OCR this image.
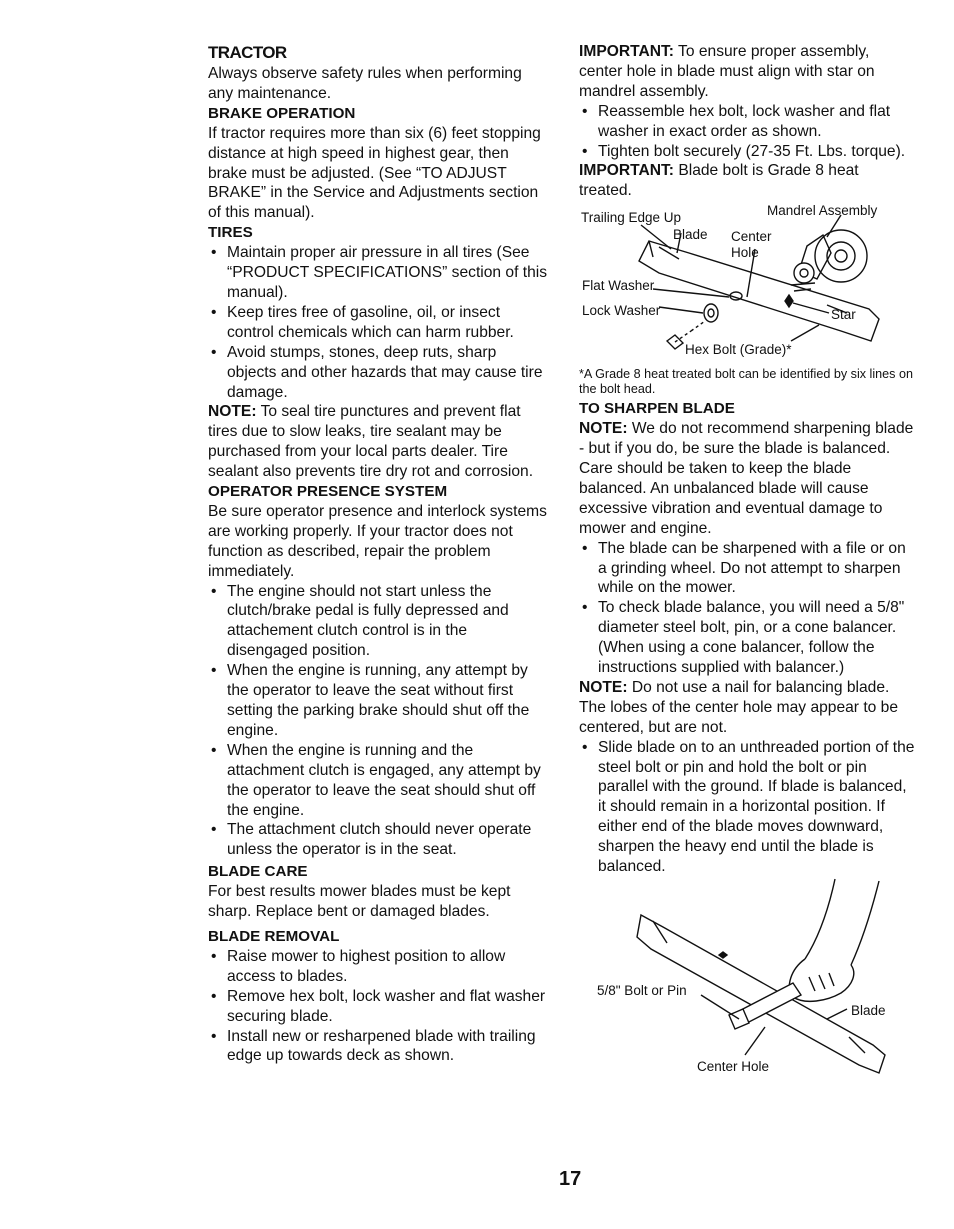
TRACTOR

Always observe safety rules when performing any maintenance.

BRAKE OPERATION

If tractor requires more than six (6) feet stopping distance at high speed in highest gear, then brake must be adjusted. (See “TO ADJUST BRAKE” in the Service and Adjustments section of this manual).

TIRES
• Maintain proper air pressure in all tires (See “PRODUCT SPECIFICATIONS” section of this manual).
• Keep tires free of gasoline, oil, or insect control chemicals which can harm rubber.
• Avoid stumps, stones, deep ruts, sharp objects and other hazards that may cause tire damage.

NOTE: To seal tire punctures and prevent flat tires due to slow leaks, tire sealant may be purchased from your local parts dealer. Tire sealant also prevents tire dry rot and corrosion.

OPERATOR PRESENCE SYSTEM

Be sure operator presence and interlock systems are working properly. If your tractor does not function as described, repair the problem immediately.

• The engine should not start unless the clutch/brake pedal is fully depressed and attachement clutch control is in the disengaged position.
• When the engine is running, any attempt by the operator to leave the seat without first setting the parking brake should shut off the engine.
• When the engine is running and the attachment clutch is engaged, any attempt by the operator to leave the seat should shut off the engine.
• The attachment clutch should never operate unless the operator is in the seat.
BLADE CARE

For best results mower blades must be kept sharp. Replace bent or damaged blades.

BLADE REMOVAL
• Raise mower to highest position to allow access to blades.
• Remove hex bolt, lock washer and flat washer securing blade.
• Install new or resharpened blade with trailing edge up towards deck as shown.

IMPORTANT: To ensure proper assembly, center hole in blade must align with star on mandrel assembly.

• Reassemble hex bolt, lock washer and flat washer in exact order as shown.
• Tighten bolt securely (27-35 Ft. Lbs. torque).

IMPORTANT: Blade bolt is Grade 8 heat treated.

Trailing Edge Up	Mandrel Assembly
Blade Center
Hole
Flat Washer
Lock Washer	Star
Hex Bolt (Grade)*

*A Grade 8 heat treated bolt can be identified by six lines on the bolt head.

TO SHARPEN BLADE

NOTE: We do not recommend sharpening blade - but if you do, be sure the blade is balanced.

Care should be taken to keep the blade balanced. An unbalanced blade will cause excessive vibration and eventual damage to mower and engine.

• The blade can be sharpened with a file or on a grinding wheel. Do not attempt to sharpen while on the mower.
• To check blade balance, you will need a 5/8" diameter steel bolt, pin, or a cone balancer. (When using a cone balancer, follow the instructions supplied with balancer.)

NOTE: Do not use a nail for balancing blade. The lobes of the center hole may appear to be centered, but are not.

• Slide blade on to an unthreaded portion of the steel bolt or pin and hold the bolt or pin parallel with the ground. If blade is balanced, it should remain in a horizontal position. If either end of the blade moves downward, sharpen the heavy end until the blade is balanced.
5/8" Bolt or Pin
Blade
Center Hole
17
